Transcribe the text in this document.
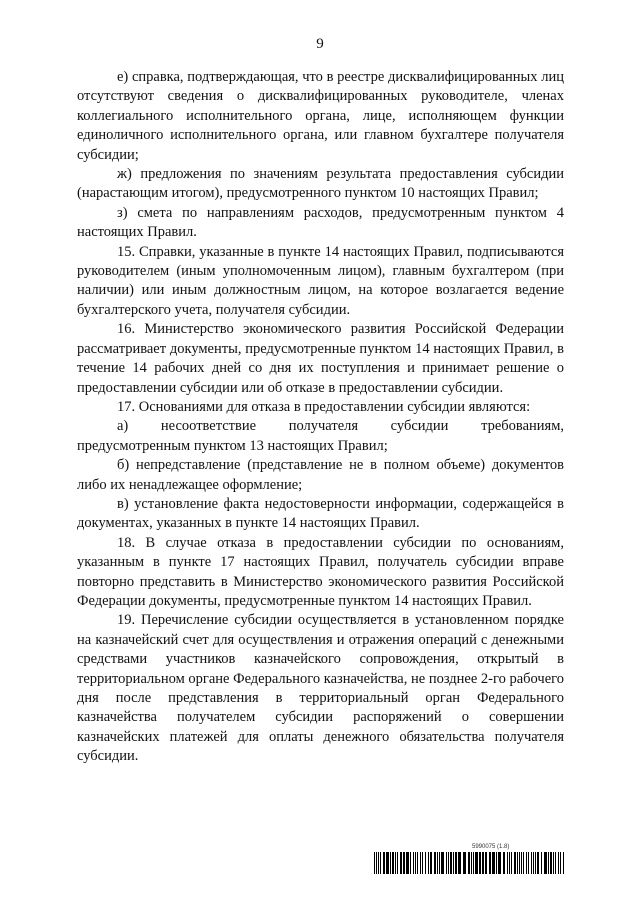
9

е) справка, подтверждающая, что в реестре дисквалифицированных лиц отсутствуют сведения о дисквалифицированных руководителе, членах коллегиального исполнительного органа, лице, исполняющем функции единоличного исполнительного органа, или главном бухгалтере получателя субсидии;

ж) предложения по значениям результата предоставления субсидии (нарастающим итогом), предусмотренного пунктом 10 настоящих Правил;

з) смета по направлениям расходов, предусмотренным пунктом 4 настоящих Правил.

15. Справки, указанные в пункте 14 настоящих Правил, подписываются руководителем (иным уполномоченным лицом), главным бухгалтером (при наличии) или иным должностным лицом, на которое возлагается ведение бухгалтерского учета, получателя субсидии.

16. Министерство экономического развития Российской Федерации рассматривает документы, предусмотренные пунктом 14 настоящих Правил, в течение 14 рабочих дней со дня их поступления и принимает решение о предоставлении субсидии или об отказе в предоставлении субсидии.

17. Основаниями для отказа в предоставлении субсидии являются:

а) несоответствие получателя субсидии требованиям, предусмотренным пунктом 13 настоящих Правил;

б) непредставление (представление не в полном объеме) документов либо их ненадлежащее оформление;

в) установление факта недостоверности информации, содержащейся в документах, указанных в пункте 14 настоящих Правил.

18. В случае отказа в предоставлении субсидии по основаниям, указанным в пункте 17 настоящих Правил, получатель субсидии вправе повторно представить в Министерство экономического развития Российской Федерации документы, предусмотренные пунктом 14 настоящих Правил.

19. Перечисление субсидии осуществляется в установленном порядке на казначейский счет для осуществления и отражения операций с денежными средствами участников казначейского сопровождения, открытый в территориальном органе Федерального казначейства, не позднее 2-го рабочего дня после представления в территориальный орган Федерального казначейства получателем субсидии распоряжений о совершении казначейских платежей для оплаты денежного обязательства получателя субсидии.

5990075 (1.8)
